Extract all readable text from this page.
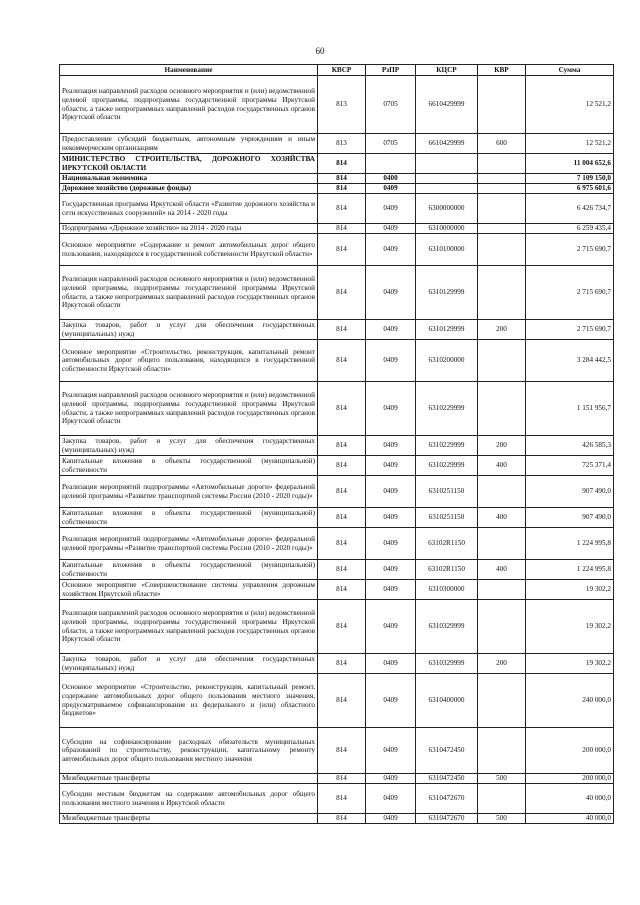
60
Наименование	КВСР	РзПР	КЦСР	КВР	Сумма
Реализация направлений расходов основного мероприятия и (или) ведомственной целевой программы, подпрограммы государственной программы Иркутской области, а также непрограммных направлений расходов государственных органов Иркутской области	813	0705	6610429999		12 521,2
Предоставление субсидий бюджетным, автономным учреждениям и иным некоммерческим организациям	813	0705	6610429999	600	12 521,2
МИНИСТЕРСТВО СТРОИТЕЛЬСТВА, ДОРОЖНОГО ХОЗЯЙСТВА ИРКУТСКОЙ ОБЛАСТИ	814				11 004 652,6
Национальная экономика	814	0400			7 109 150,0
Дорожное хозяйство (дорожные фонды)	814	0409			6 975 601,6
Государственная программа Иркутской области «Развитие дорожного хозяйства и сети искусственных сооружений» на 2014 - 2020 годы	814	0409	6300000000		6 426 734,7
Подпрограмма «Дорожное хозяйство» на 2014 - 2020 годы	814	0409	6310000000		6 259 435,4
Основное мероприятие «Содержание и ремонт автомобильных дорог общего пользования, находящихся в государственной собственности Иркутской области»	814	0409	6310100000		2 715 690,7
Реализация направлений расходов основного мероприятия и (или) ведомственной целевой программы, подпрограммы государственной программы Иркутской области, а также непрограммных направлений расходов государственных органов Иркутской области	814	0409	6310129999		2 715 690,7
Закупка товаров, работ и услуг для обеспечения государственных (муниципальных) нужд	814	0409	6310129999	200	2 715 690,7
Основное мероприятие «Строительство, реконструкция, капитальный ремонт автомобильных дорог общего пользования, находящихся в государственной собственности Иркутской области»	814	0409	6310200000		3 284 442,5
Реализация направлений расходов основного мероприятия и (или) ведомственной целевой программы, подпрограммы государственной программы Иркутской области, а также непрограммных направлений расходов государственных органов Иркутской области	814	0409	6310229999		1 151 956,7
Закупка товаров, работ и услуг для обеспечения государственных (муниципальных) нужд	814	0409	6310229999	200	426 585,3
Капитальные вложения в объекты государственной (муниципальной) собственности	814	0409	6310229999	400	725 371,4
Реализация мероприятий подпрограммы «Автомобильные дороги» федеральной целевой программы «Развитие транспортной системы России (2010 - 2020 годы)»	814	0409	6310251150		907 490,0
Капитальные вложения в объекты государственной (муниципальной) собственности	814	0409	6310251150	400	907 490,0
Реализация мероприятий подпрограммы «Автомобильные дороги» федеральной целевой программы «Развитие транспортной системы России (2010 - 2020 годы)»	814	0409	63102R1150		1 224 995,8
Капитальные вложения в объекты государственной (муниципальной) собственности	814	0409	63102R1150	400	1 224 995,8
Основное мероприятие «Совершенствование системы управления дорожным хозяйством Иркутской области»	814	0409	6310300000		19 302,2
Реализация направлений расходов основного мероприятия и (или) ведомственной целевой программы, подпрограммы государственной программы Иркутской области, а также непрограммных направлений расходов государственных органов Иркутской области	814	0409	6310329999		19 302,2
Закупка товаров, работ и услуг для обеспечения государственных (муниципальных) нужд	814	0409	6310329999	200	19 302,2
Основное мероприятие «Строительство, реконструкция, капитальный ремонт, содержание автомобильных дорог общего пользования местного значения, предусматриваемое софинансирование из федерального и (или) областного бюджетов»	814	0409	6310400000		240 000,0
Субсидии на софинансирование расходных обязательств муниципальных образований по строительству, реконструкции, капитальному ремонту автомобильных дорог общего пользования местного значения	814	0409	6310472450		200 000,0
Межбюджетные трансферты	814	0409	6310472450	500	200 000,0
Субсидии местным бюджетам на содержание автомобильных дорог общего пользования местного значения в Иркутской области	814	0409	6310472670		40 000,0
Межбюджетные трансферты	814	0409	6310472670	500	40 000,0
